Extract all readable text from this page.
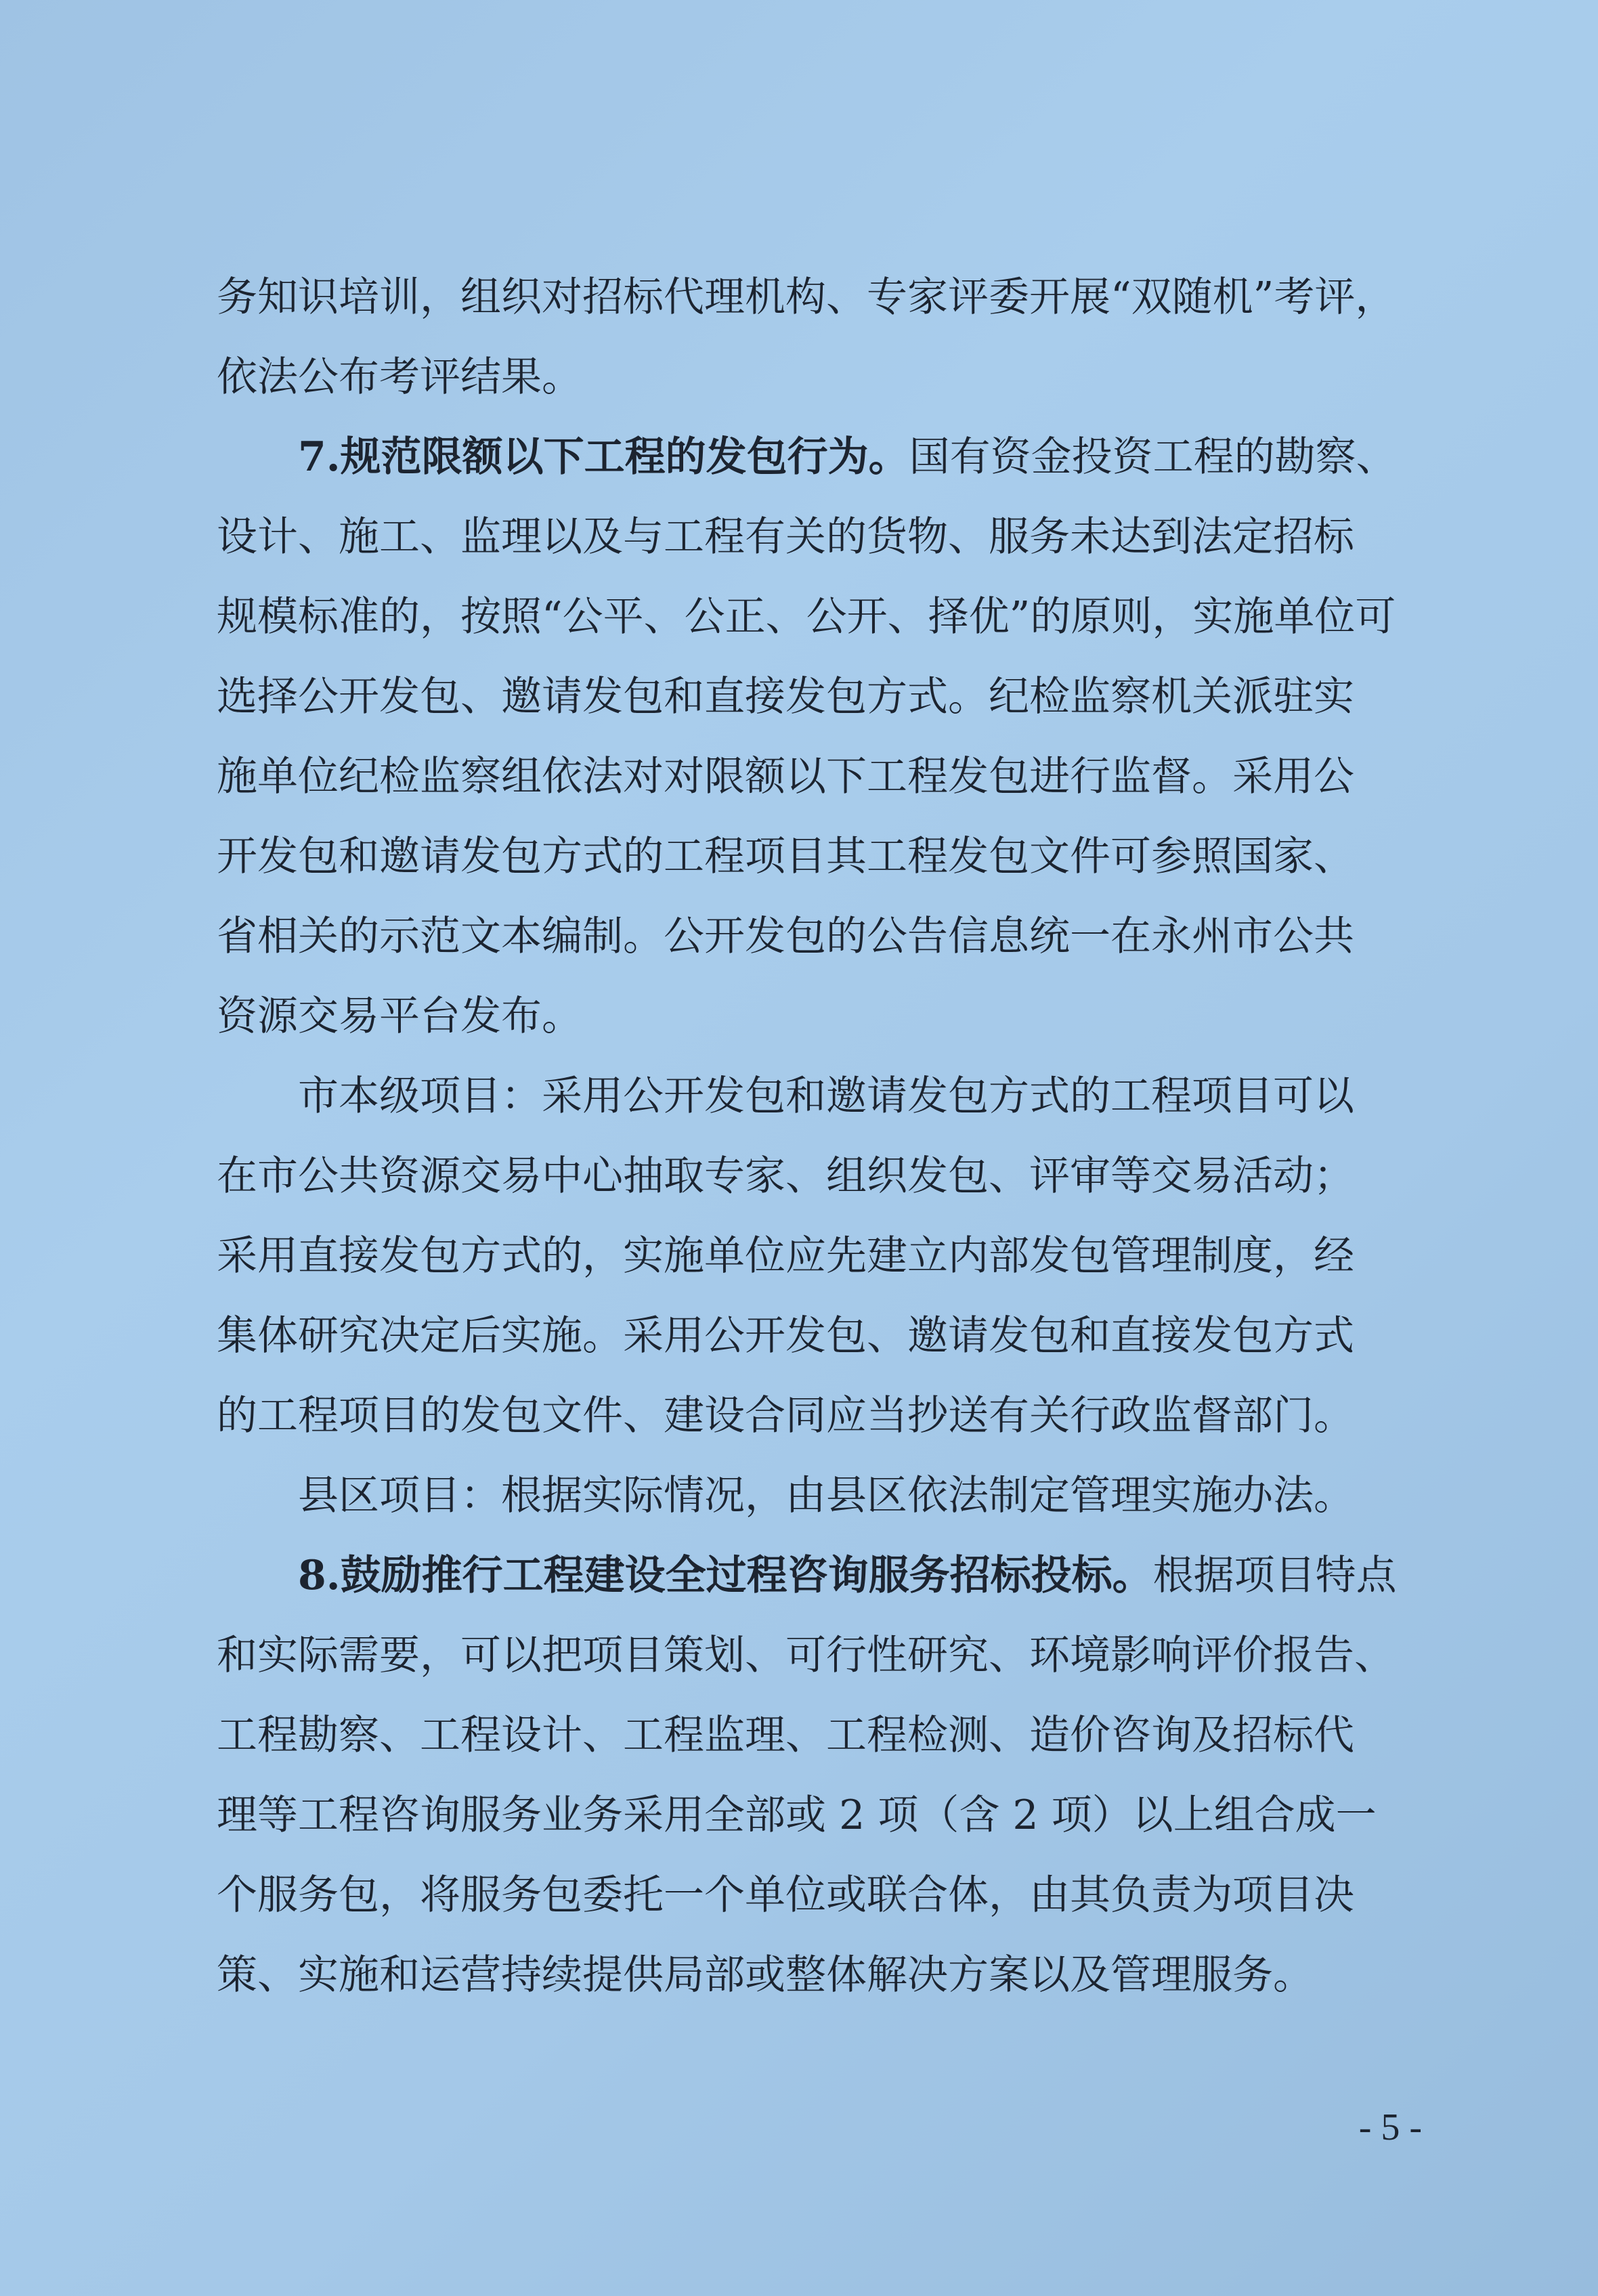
务知识培训，组织对招标代理机构、专家评委开展“双随机”考评，
依法公布考评结果。
7.规范限额以下工程的发包行为。国有资金投资工程的勘察、
设计、施工、监理以及与工程有关的货物、服务未达到法定招标
规模标准的，按照“公平、公正、公开、择优”的原则，实施单位可
选择公开发包、邀请发包和直接发包方式。纪检监察机关派驻实
施单位纪检监察组依法对对限额以下工程发包进行监督。采用公
开发包和邀请发包方式的工程项目其工程发包文件可参照国家、
省相关的示范文本编制。公开发包的公告信息统一在永州市公共
资源交易平台发布。
市本级项目：采用公开发包和邀请发包方式的工程项目可以
在市公共资源交易中心抽取专家、组织发包、评审等交易活动；
采用直接发包方式的，实施单位应先建立内部发包管理制度，经
集体研究决定后实施。采用公开发包、邀请发包和直接发包方式
的工程项目的发包文件、建设合同应当抄送有关行政监督部门。
县区项目：根据实际情况，由县区依法制定管理实施办法。
8.鼓励推行工程建设全过程咨询服务招标投标。根据项目特点
和实际需要，可以把项目策划、可行性研究、环境影响评价报告、
工程勘察、工程设计、工程监理、工程检测、造价咨询及招标代
理等工程咨询服务业务采用全部或 2 项（含 2 项）以上组合成一
个服务包，将服务包委托一个单位或联合体，由其负责为项目决
策、实施和运营持续提供局部或整体解决方案以及管理服务。
- 5 -
